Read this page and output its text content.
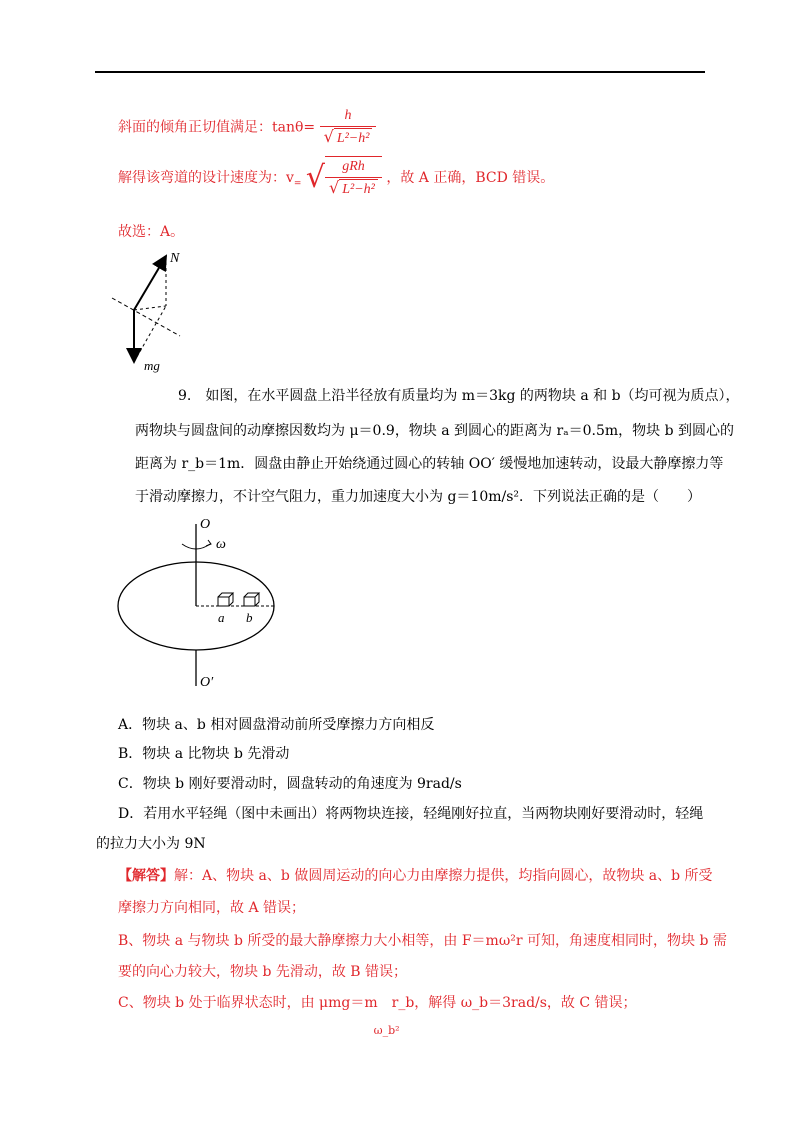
斜面的倾角正切值满足：$\tan\theta= \frac{h}{\text{√ L²−h²}}$
解得该弯道的设计速度为：$v_=$ √ $\frac{\text{gRh}}{\text{√ L²−h²}}$ ，故 A 正确，BCD 错误。
故选：A。
N
mg
9.　如图，在水平圆盘上沿半径放有质量均为 m＝3kg 的两物块 a 和 b（均可视为质点），
两物块与圆盘间的动摩擦因数均为 μ＝0.9，物块 a 到圆心的距离为 rₐ＝0.5m，物块 b 到圆心的
距离为 r_b＝1m．圆盘由静止开始绕通过圆心的转轴 OO′ 缓慢地加速转动，设最大静摩擦力等
于滑动摩擦力，不计空气阻力，重力加速度大小为 g＝10m/s²．下列说法正确的是（　　）
O
ω
a b
O′
A．物块 a、b 相对圆盘滑动前所受摩擦力方向相反
B．物块 a 比物块 b 先滑动
C．物块 b 刚好要滑动时，圆盘转动的角速度为 9rad/s
D．若用水平轻绳（图中未画出）将两物块连接，轻绳刚好拉直，当两物块刚好要滑动时，轻绳
的拉力大小为 9N
【解答】解：A、物块 a、b 做圆周运动的向心力由摩擦力提供，均指向圆心，故物块 a、b 所受
摩擦力方向相同，故 A 错误；
B、物块 a 与物块 b 所受的最大静摩擦力大小相等，由 F＝mω²r 可知，角速度相同时，物块 b 需
要的向心力较大，物块 b 先滑动，故 B 错误；
C、物块 b 处于临界状态时，由 μmg＝m
ω_b²
r_b，解得 ω_b＝3rad/s，故 C 错误；
